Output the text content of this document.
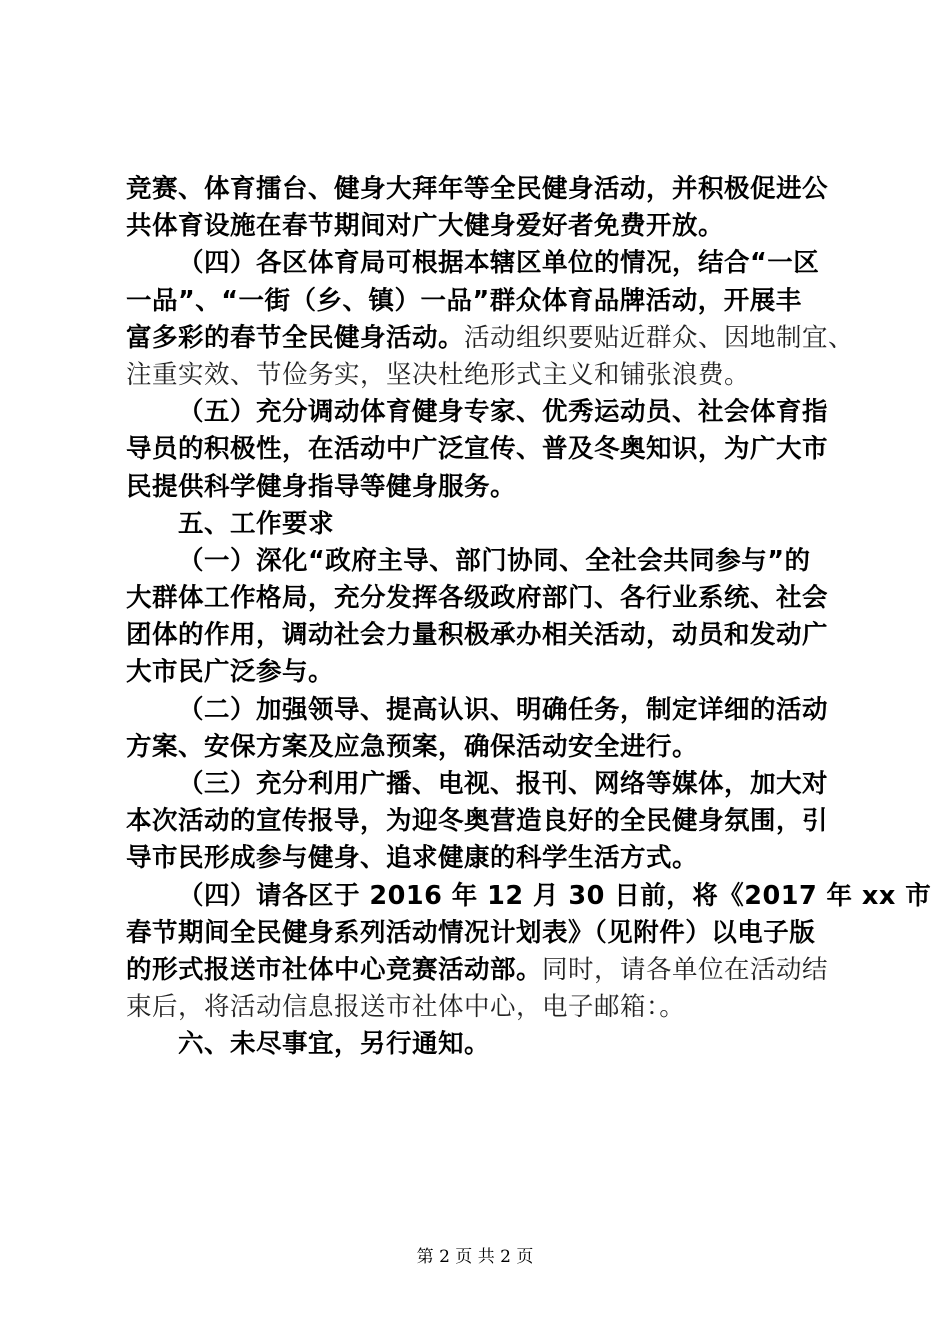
竞赛、体育擂台、健身大拜年等全民健身活动，并积极促进公
共体育设施在春节期间对广大健身爱好者免费开放。
（四）各区体育局可根据本辖区单位的情况，结合“一区
一品”、“一街（乡、镇）一品”群众体育品牌活动，开展丰
富多彩的春节全民健身活动。活动组织要贴近群众、因地制宜、
注重实效、节俭务实，坚决杜绝形式主义和铺张浪费。
（五）充分调动体育健身专家、优秀运动员、社会体育指
导员的积极性，在活动中广泛宣传、普及冬奥知识，为广大市
民提供科学健身指导等健身服务。
五、工作要求
（一）深化“政府主导、部门协同、全社会共同参与”的
大群体工作格局，充分发挥各级政府部门、各行业系统、社会
团体的作用，调动社会力量积极承办相关活动，动员和发动广
大市民广泛参与。
（二）加强领导、提高认识、明确任务，制定详细的活动
方案、安保方案及应急预案，确保活动安全进行。
（三）充分利用广播、电视、报刊、网络等媒体，加大对
本次活动的宣传报导，为迎冬奥营造良好的全民健身氛围，引
导市民形成参与健身、追求健康的科学生活方式。
（四）请各区于 2016 年 12 月 30 日前，将《2017 年 xx 市
春节期间全民健身系列活动情况计划表》（见附件）以电子版
的形式报送市社体中心竞赛活动部。同时，请各单位在活动结
束后，将活动信息报送市社体中心，电子邮箱：。
六、未尽事宜，另行通知。
第 2 页 共 2 页
